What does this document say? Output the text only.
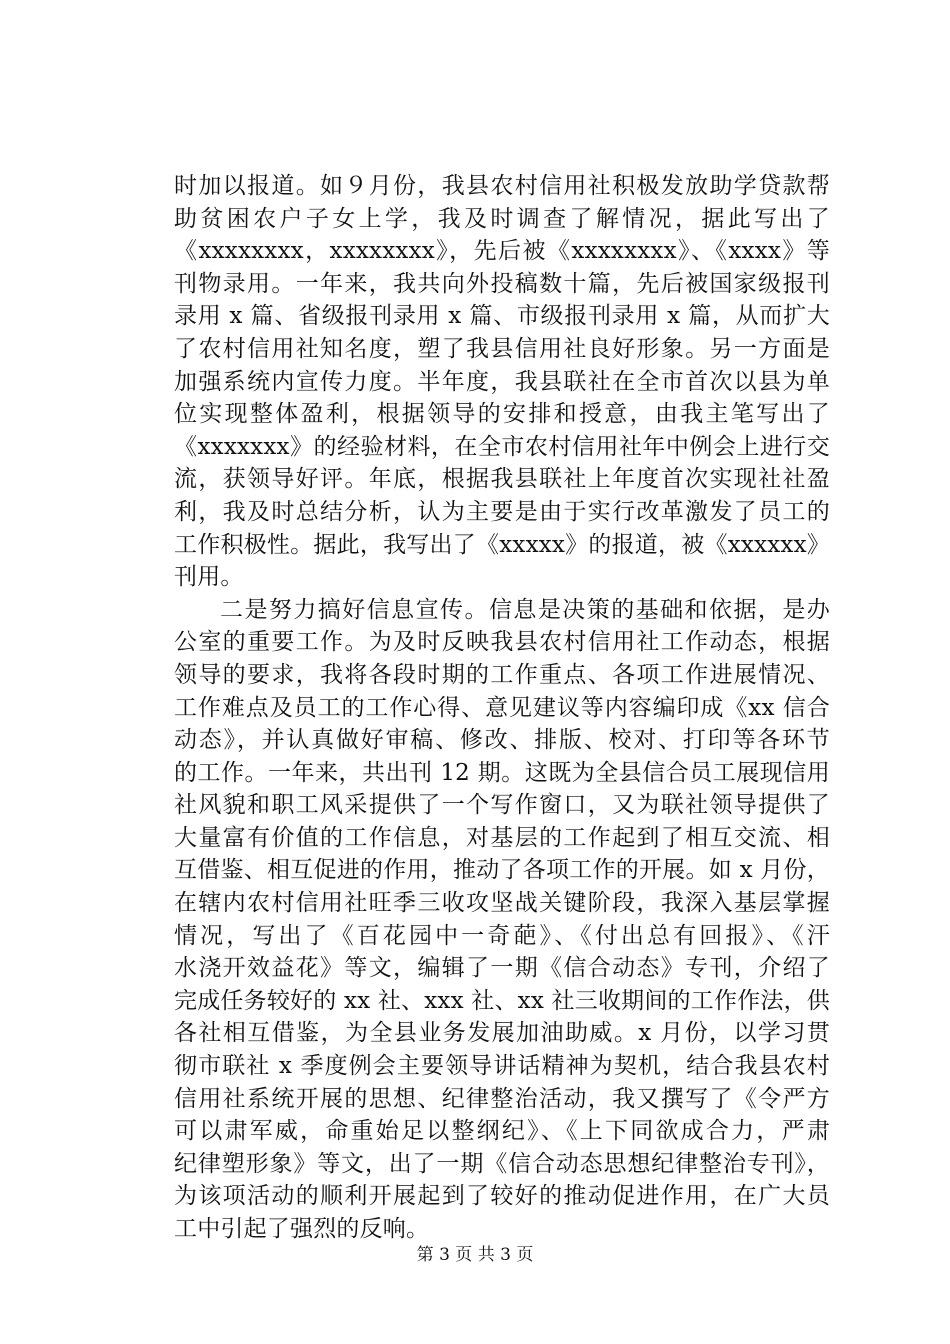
时加以报道。如９月份，我县农村信用社积极发放助学贷款帮
助贫困农户子女上学，我及时调查了解情况，据此写出了
《xxxxxxxx，xxxxxxxx》，先后被《xxxxxxxx》、《xxxx》等
刊物录用。一年来，我共向外投稿数十篇，先后被国家级报刊
录用 x 篇、省级报刊录用 x 篇、市级报刊录用 x 篇，从而扩大
了农村信用社知名度，塑了我县信用社良好形象。另一方面是
加强系统内宣传力度。半年度，我县联社在全市首次以县为单
位实现整体盈利，根据领导的安排和授意，由我主笔写出了
《xxxxxxx》的经验材料，在全市农村信用社年中例会上进行交
流，获领导好评。年底，根据我县联社上年度首次实现社社盈
利，我及时总结分析，认为主要是由于实行改革激发了员工的
工作积极性。据此，我写出了《xxxxx》的报道，被《xxxxxx》
刊用。
二是努力搞好信息宣传。信息是决策的基础和依据，是办
公室的重要工作。为及时反映我县农村信用社工作动态，根据
领导的要求，我将各段时期的工作重点、各项工作进展情况、
工作难点及员工的工作心得、意见建议等内容编印成《xx 信合
动态》，并认真做好审稿、修改、排版、校对、打印等各环节
的工作。一年来，共出刊 12 期。这既为全县信合员工展现信用
社风貌和职工风采提供了一个写作窗口，又为联社领导提供了
大量富有价值的工作信息，对基层的工作起到了相互交流、相
互借鉴、相互促进的作用，推动了各项工作的开展。如 x 月份，
在辖内农村信用社旺季三收攻坚战关键阶段，我深入基层掌握
情况，写出了《百花园中一奇葩》、《付出总有回报》、《汗
水浇开效益花》等文，编辑了一期《信合动态》专刊，介绍了
完成任务较好的 xx 社、xxx 社、xx 社三收期间的工作作法，供
各社相互借鉴，为全县业务发展加油助威。x 月份，以学习贯
彻市联社 x 季度例会主要领导讲话精神为契机，结合我县农村
信用社系统开展的思想、纪律整治活动，我又撰写了《令严方
可以肃军威，命重始足以整纲纪》、《上下同欲成合力，严肃
纪律塑形象》等文，出了一期《信合动态思想纪律整治专刊》，
为该项活动的顺利开展起到了较好的推动促进作用，在广大员
工中引起了强烈的反响。
第 3 页 共 3 页
